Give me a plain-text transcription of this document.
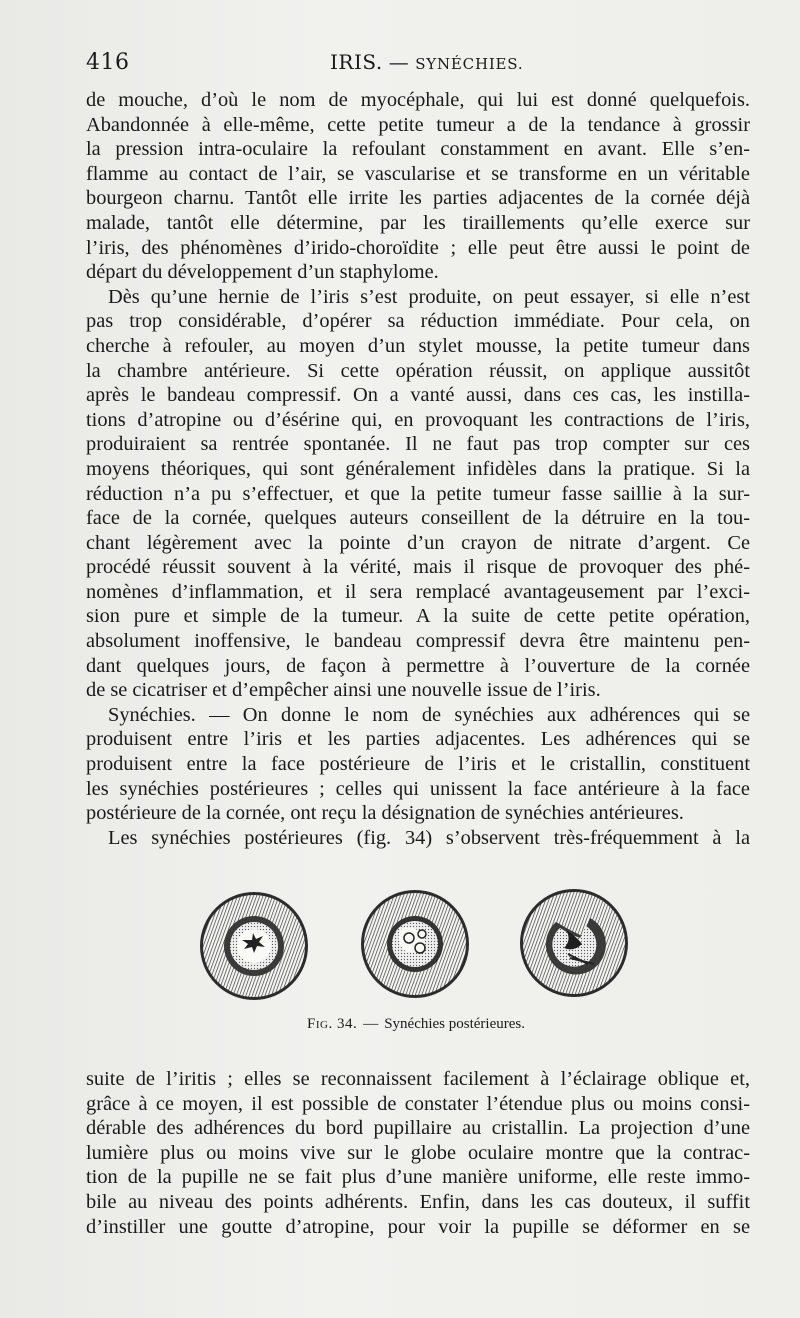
416	IRIS. — SYNÉCHIES.
de mouche, d’où le nom de myocéphale, qui lui est donné quelquefois.
Abandonnée à elle-même, cette petite tumeur a de la tendance à grossir
la pression intra-oculaire la refoulant constamment en avant. Elle s’en-
flamme au contact de l’air, se vascularise et se transforme en un véritable
bourgeon charnu. Tantôt elle irrite les parties adjacentes de la cornée déjà
malade, tantôt elle détermine, par les tiraillements qu’elle exerce sur
l’iris, des phénomènes d’irido-choroïdite ; elle peut être aussi le point de
départ du développement d’un staphylome.
Dès qu’une hernie de l’iris s’est produite, on peut essayer, si elle n’est
pas trop considérable, d’opérer sa réduction immédiate. Pour cela, on
cherche à refouler, au moyen d’un stylet mousse, la petite tumeur dans
la chambre antérieure. Si cette opération réussit, on applique aussitôt
après le bandeau compressif. On a vanté aussi, dans ces cas, les instilla-
tions d’atropine ou d’ésérine qui, en provoquant les contractions de l’iris,
produiraient sa rentrée spontanée. Il ne faut pas trop compter sur ces
moyens théoriques, qui sont généralement infidèles dans la pratique. Si la
réduction n’a pu s’effectuer, et que la petite tumeur fasse saillie à la sur-
face de la cornée, quelques auteurs conseillent de la détruire en la tou-
chant légèrement avec la pointe d’un crayon de nitrate d’argent. Ce
procédé réussit souvent à la vérité, mais il risque de provoquer des phé-
nomènes d’inflammation, et il sera remplacé avantageusement par l’exci-
sion pure et simple de la tumeur. A la suite de cette petite opération,
absolument inoffensive, le bandeau compressif devra être maintenu pen-
dant quelques jours, de façon à permettre à l’ouverture de la cornée
de se cicatriser et d’empêcher ainsi une nouvelle issue de l’iris.
Synéchies. — On donne le nom de synéchies aux adhérences qui se
produisent entre l’iris et les parties adjacentes. Les adhérences qui se
produisent entre la face postérieure de l’iris et le cristallin, constituent
les synéchies postérieures ; celles qui unissent la face antérieure à la face
postérieure de la cornée, ont reçu la désignation de synéchies antérieures.
Les synéchies postérieures (fig. 34) s’observent très-fréquemment à la
Fig. 34. — Synéchies postérieures.
suite de l’iritis ; elles se reconnaissent facilement à l’éclairage oblique et,
grâce à ce moyen, il est possible de constater l’étendue plus ou moins consi-
dérable des adhérences du bord pupillaire au cristallin. La projection d’une
lumière plus ou moins vive sur le globe oculaire montre que la contrac-
tion de la pupille ne se fait plus d’une manière uniforme, elle reste immo-
bile au niveau des points adhérents. Enfin, dans les cas douteux, il suffit
d’instiller une goutte d’atropine, pour voir la pupille se déformer en se
